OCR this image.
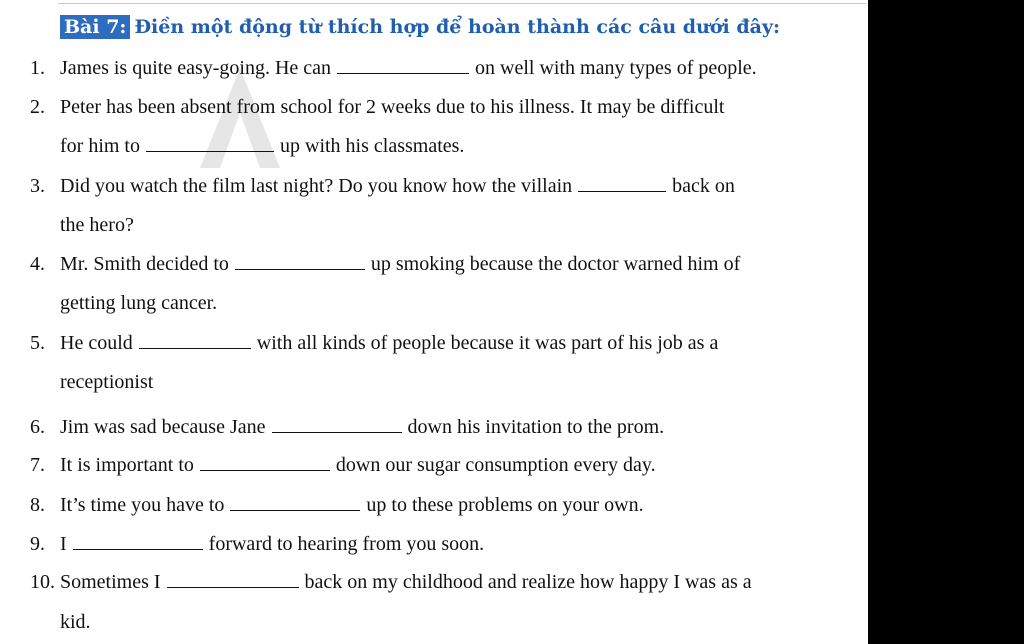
Bài 7: Điền một động từ thích hợp để hoàn thành các câu dưới đây:
1. James is quite easy-going. He can	on well with many types of people.
2. Peter has been absent from school for 2 weeks due to his illness. It may be difficult
for him to	up with his classmates.
3. Did you watch the film last night? Do you know how the villain	back on
the hero?
4. Mr. Smith decided to	up smoking because the doctor warned him of
getting lung cancer.
5. He could	with all kinds of people because it was part of his job as a
receptionist
6. Jim was sad because Jane	down his invitation to the prom.
7. It is important to	down our sugar consumption every day.
8. It’s time you have to	up to these problems on your own.
9. I	forward to hearing from you soon.
10. Sometimes I	back on my childhood and realize how happy I was as a
kid.
